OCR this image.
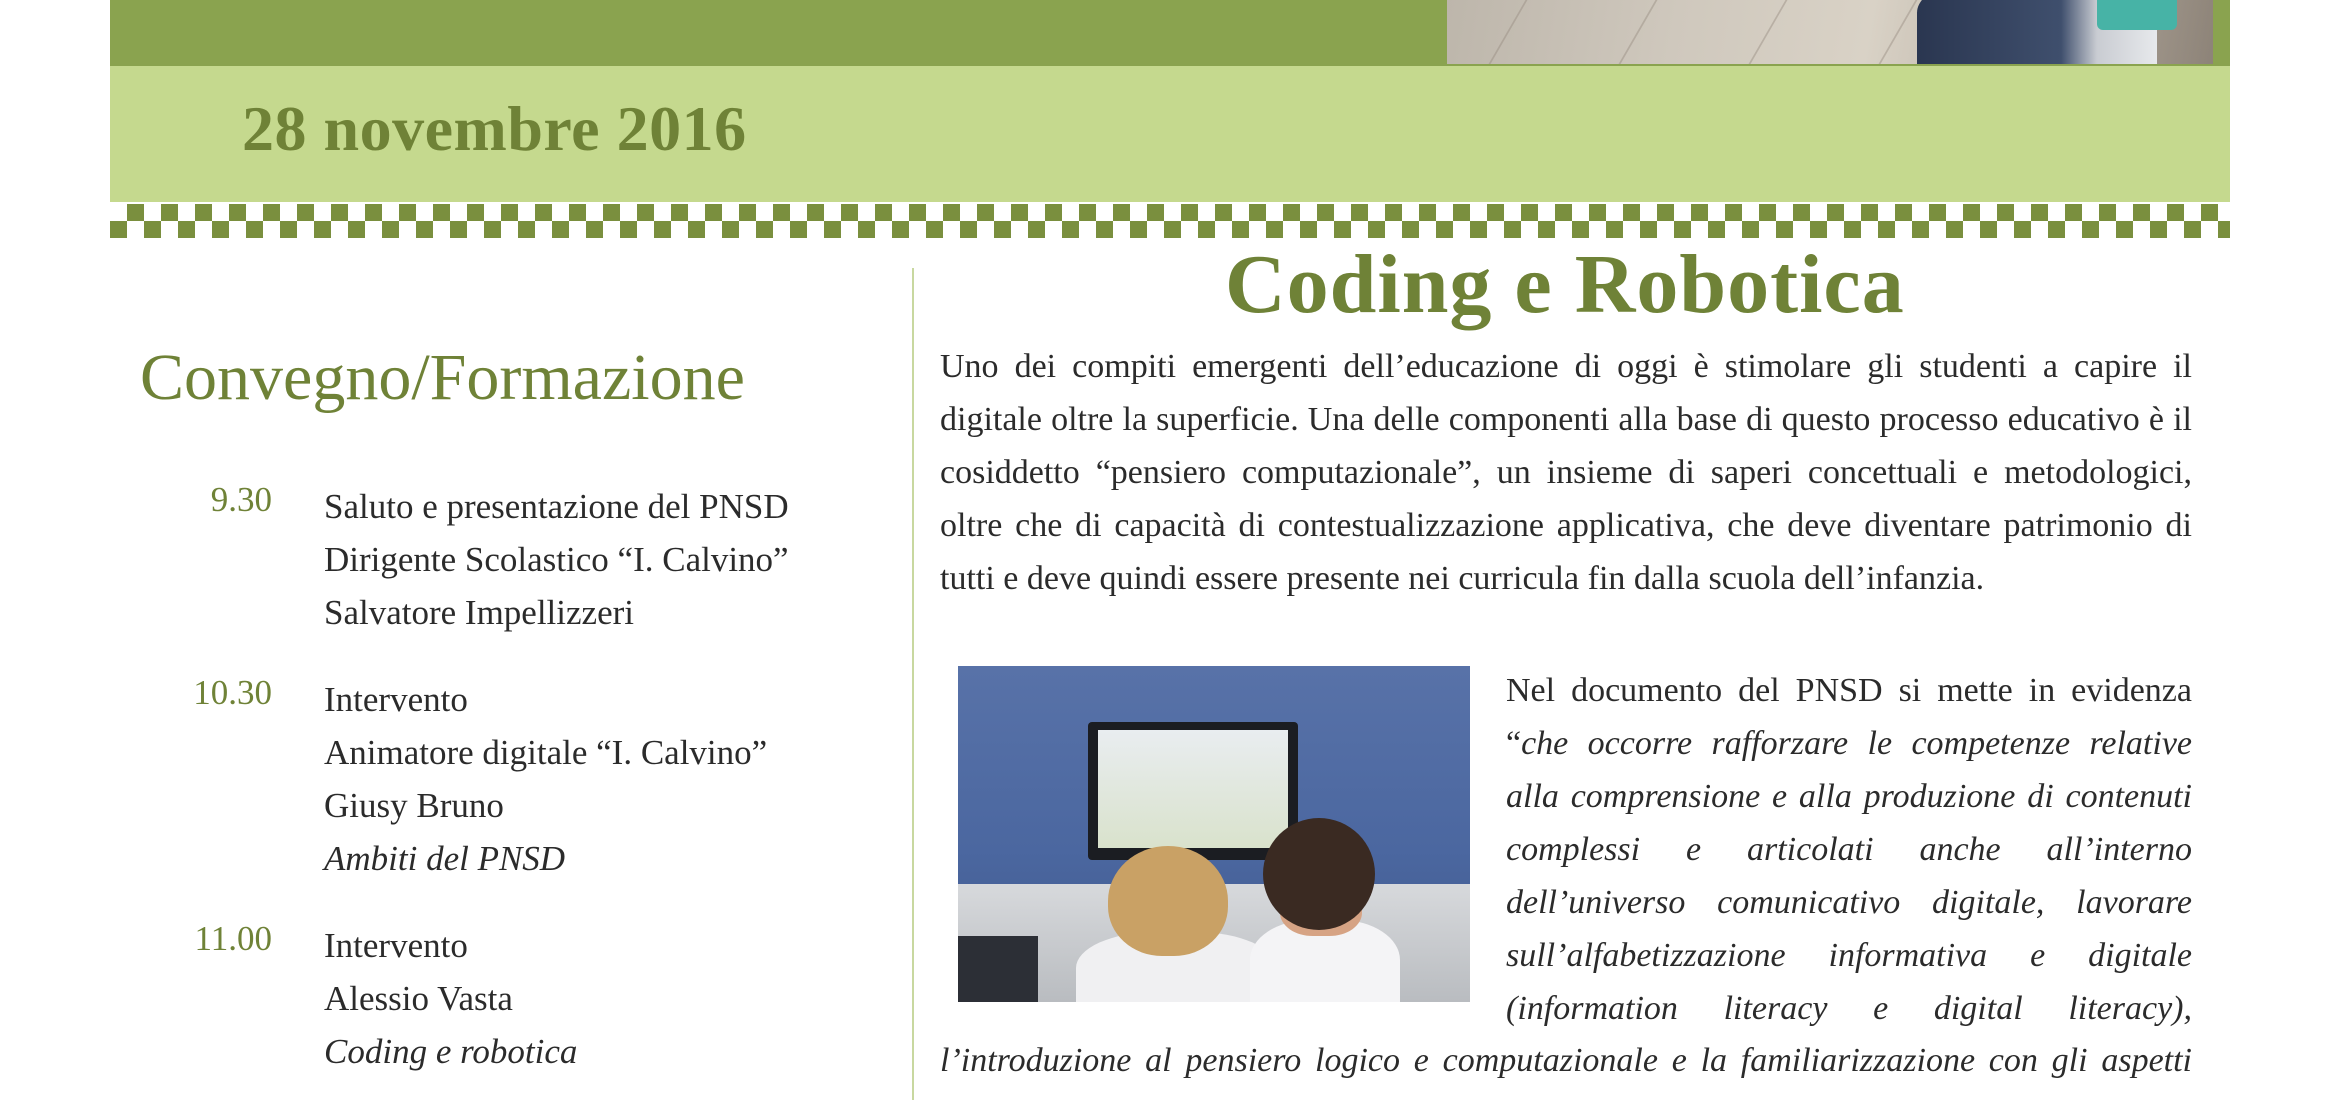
28 novembre 2016
Convegno/Formazione
9.30 Saluto e presentazione del PNSD
Dirigente Scolastico “I. Calvino”
Salvatore Impellizzeri
10.30 Intervento
Animatore digitale “I. Calvino”
Giusy Bruno
Ambiti del PNSD
11.00 Intervento
Alessio Vasta
Coding e robotica
Coding e Robotica

Uno dei compiti emergenti dell’educazione di oggi è stimolare gli studenti a capire il digitale oltre la superficie. Una delle componenti alla base di questo processo educativo è il cosiddetto “pensiero computazionale”, un insieme di saperi concettuali e metodologici, oltre che di capacità di contestualizzazione applicativa, che deve diventare patrimonio di tutti e deve quindi essere presente nei curricula fin dalla scuola dell’infanzia.

Nel documento del PNSD si mette in evidenza “che occorre rafforzare le competenze relative alla comprensione e alla produzione di contenuti complessi e articolati anche all’interno dell’universo comunicativo digitale, lavorare sull’alfabetizzazione informativa e digitale (information literacy e digital literacy),

l’introduzione al pensiero logico e computazionale e la familiarizzazione con gli aspetti
